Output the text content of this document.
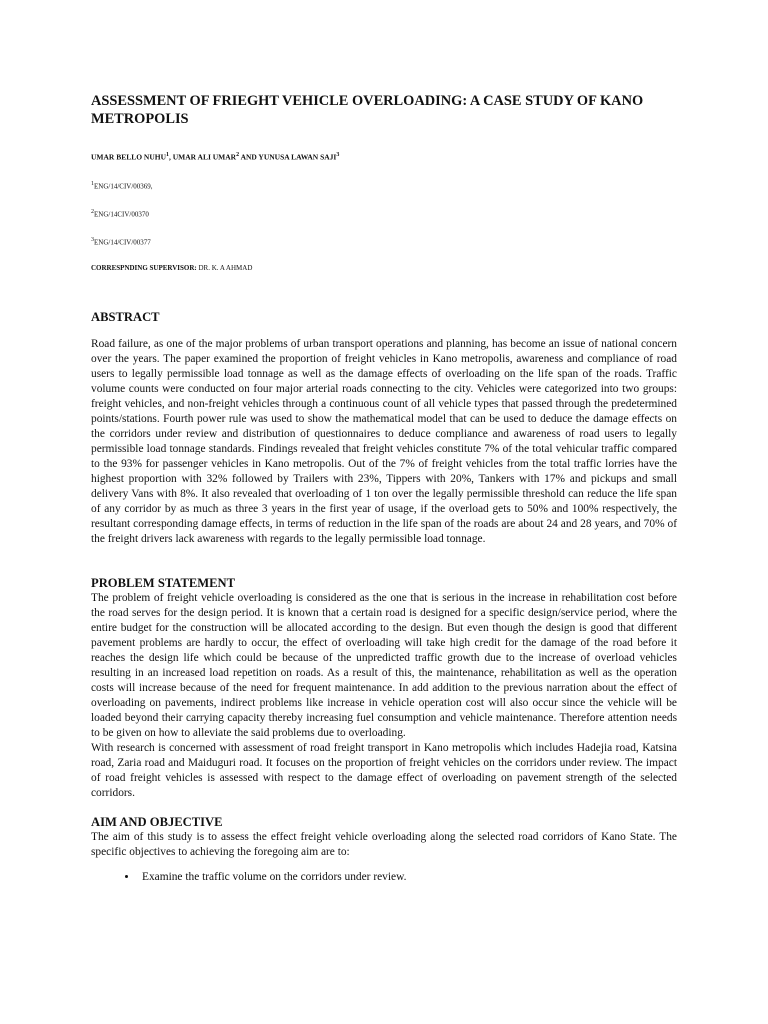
ASSESSMENT OF FRIEGHT VEHICLE OVERLOADING: A CASE STUDY OF KANO METROPOLIS
UMAR BELLO NUHU$^1$, UMAR ALI UMAR$^2$ AND YUNUSA LAWAN SAJI$^3$
$^1$ENG/14/CIV/00369,
$^2$ENG/14CIV/00370
$^3$ENG/14/CIV/00377
CORRESPNDING SUPERVISOR: DR. K. A AHMAD
ABSTRACT

Road failure, as one of the major problems of urban transport operations and planning, has become an issue of national concern over the years. The paper examined the proportion of freight vehicles in Kano metropolis, awareness and compliance of road users to legally permissible load tonnage as well as the damage effects of overloading on the life span of the roads. Traffic volume counts were conducted on four major arterial roads connecting to the city. Vehicles were categorized into two groups: freight vehicles, and non-freight vehicles through a continuous count of all vehicle types that passed through the predetermined points/stations. Fourth power rule was used to show the mathematical model that can be used to deduce the damage effects on the corridors under review and distribution of questionnaires to deduce compliance and awareness of road users to legally permissible load tonnage standards. Findings revealed that freight vehicles constitute 7% of the total vehicular traffic compared to the 93% for passenger vehicles in Kano metropolis. Out of the 7% of freight vehicles from the total traffic lorries have the highest proportion with 32% followed by Trailers with 23%, Tippers with 20%, Tankers with 17% and pickups and small delivery Vans with 8%. It also revealed that overloading of 1 ton over the legally permissible threshold can reduce the life span of any corridor by as much as three 3 years in the first year of usage, if the overload gets to 50% and 100% respectively, the resultant corresponding damage effects, in terms of reduction in the life span of the roads are about 24 and 28 years, and 70% of the freight drivers lack awareness with regards to the legally permissible load tonnage.

PROBLEM STATEMENT

The problem of freight vehicle overloading is considered as the one that is serious in the increase in rehabilitation cost before the road serves for the design period. It is known that a certain road is designed for a specific design/service period, where the entire budget for the construction will be allocated according to the design. But even though the design is good that different pavement problems are hardly to occur, the effect of overloading will take high credit for the damage of the road before it reaches the design life which could be because of the unpredicted traffic growth due to the increase of overload vehicles resulting in an increased load repetition on roads. As a result of this, the maintenance, rehabilitation as well as the operation costs will increase because of the need for frequent maintenance. In add addition to the previous narration about the effect of overloading on pavements, indirect problems like increase in vehicle operation cost will also occur since the vehicle will be loaded beyond their carrying capacity thereby increasing fuel consumption and vehicle maintenance. Therefore attention needs to be given on how to alleviate the said problems due to overloading.

With research is concerned with assessment of road freight transport in Kano metropolis which includes Hadejia road, Katsina road, Zaria road and Maiduguri road. It focuses on the proportion of freight vehicles on the corridors under review. The impact of road freight vehicles is assessed with respect to the damage effect of overloading on pavement strength of the selected corridors.

AIM AND OBJECTIVE

The aim of this study is to assess the effect freight vehicle overloading along the selected road corridors of Kano State. The specific objectives to achieving the foregoing aim are to:

• Examine the traffic volume on the corridors under review.
